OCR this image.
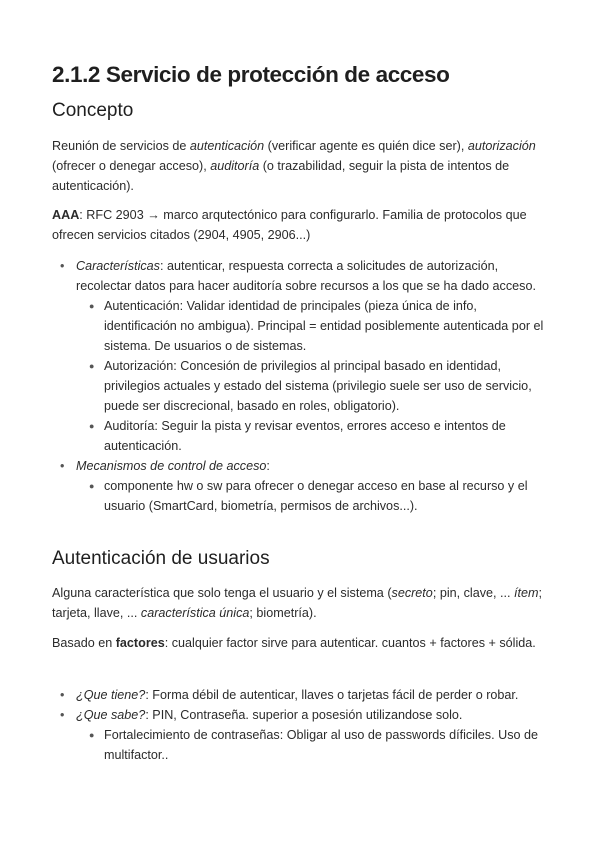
2.1.2 Servicio de protección de acceso
Concepto

Reunión de servicios de autenticación (verificar agente es quién dice ser), autorización (ofrecer o denegar acceso), auditoría (o trazabilidad, seguir la pista de intentos de autenticación).

AAA: RFC 2903 → marco arqutectónico para configurarlo. Familia de protocolos que ofrecen servicios citados (2904, 4905, 2906...)

• Características: autenticar, respuesta correcta a solicitudes de autorización, recolectar datos para hacer auditoría sobre recursos a los que se ha dado acceso.
● Autenticación: Validar identidad de principales (pieza única de info, identificación no ambigua). Principal = entidad posiblemente autenticada por el sistema. De usuarios o de sistemas.
● Autorización: Concesión de privilegios al principal basado en identidad, privilegios actuales y estado del sistema (privilegio suele ser uso de servicio, puede ser discrecional, basado en roles, obligatorio).
● Auditoría: Seguir la pista y revisar eventos, errores acceso e intentos de autenticación.
• Mecanismos de control de acceso:
● componente hw o sw para ofrecer o denegar acceso en base al recurso y el usuario (SmartCard, biometría, permisos de archivos...).
Autenticación de usuarios

Alguna característica que solo tenga el usuario y el sistema (secreto; pin, clave, ... ítem; tarjeta, llave, ... característica única; biometría).

Basado en factores: cualquier factor sirve para autenticar. cuantos + factores + sólida.

• ¿Que tiene?: Forma débil de autenticar, llaves o tarjetas fácil de perder o robar.
• ¿Que sabe?: PIN, Contraseña. superior a posesión utilizandose solo.
● Fortalecimiento de contraseñas: Obligar al uso de passwords díficiles. Uso de multifactor..
